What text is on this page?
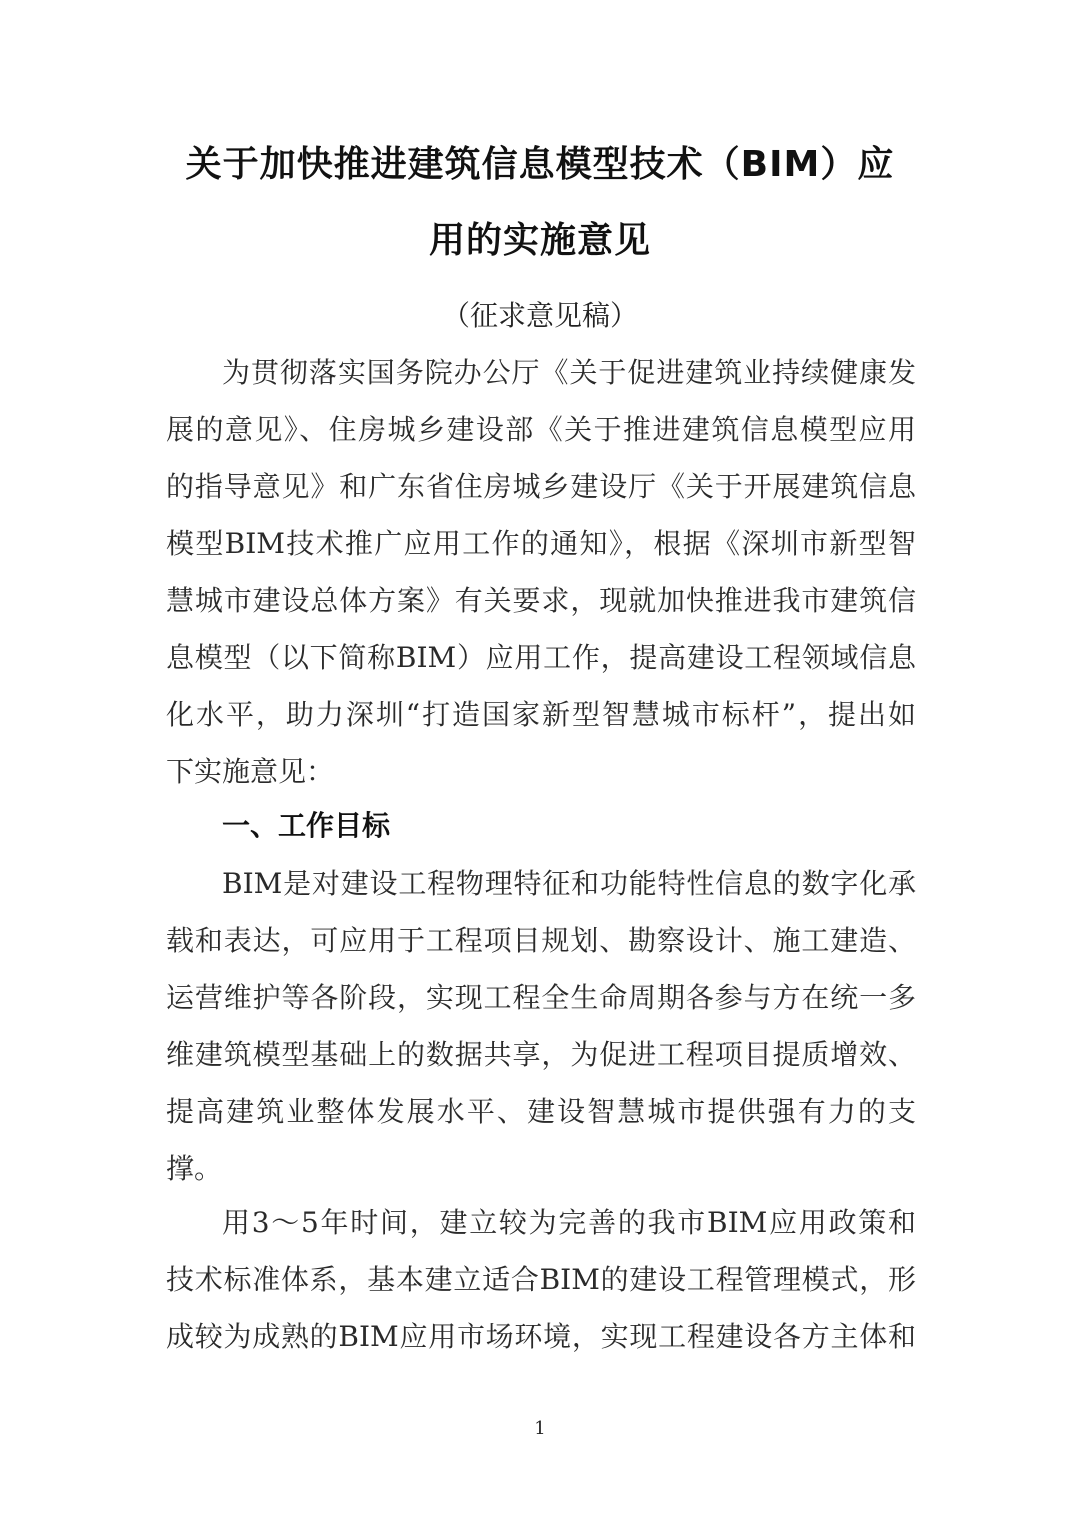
关于加快推进建筑信息模型技术（BIM）应
用的实施意见
（征求意见稿）
为贯彻落实国务院办公厅《关于促进建筑业持续健康发
展的意见》、住房城乡建设部《关于推进建筑信息模型应用
的指导意见》和广东省住房城乡建设厅《关于开展建筑信息
模型BIM技术推广应用工作的通知》，根据《深圳市新型智
慧城市建设总体方案》有关要求，现就加快推进我市建筑信
息模型（以下简称BIM）应用工作，提高建设工程领域信息
化水平，助力深圳“打造国家新型智慧城市标杆”，提出如
下实施意见：
一、工作目标
BIM是对建设工程物理特征和功能特性信息的数字化承
载和表达，可应用于工程项目规划、勘察设计、施工建造、
运营维护等各阶段，实现工程全生命周期各参与方在统一多
维建筑模型基础上的数据共享，为促进工程项目提质增效、
提高建筑业整体发展水平、建设智慧城市提供强有力的支
撑。
用3～5年时间，建立较为完善的我市BIM应用政策和
技术标准体系，基本建立适合BIM的建设工程管理模式，形
成较为成熟的BIM应用市场环境，实现工程建设各方主体和
1
